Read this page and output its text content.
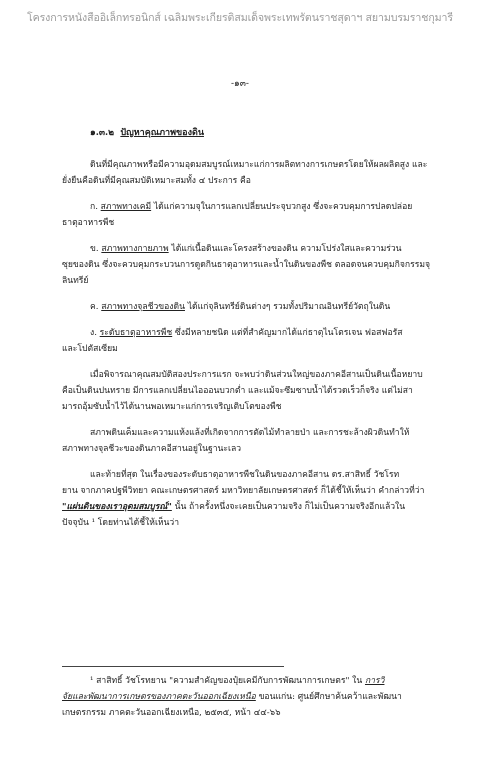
โครงการหนังสืออิเล็กทรอนิกส์ เฉลิมพระเกียรติสมเด็จพระเทพรัตนราชสุดาฯ สยามบรมราชกุมารี
-๑๓-
๑.๓.๒ ปัญหาคุณภาพของดิน
ดินที่มีคุณภาพหรือมีความอุดมสมบูรณ์เหมาะแก่การผลิตทางการเกษตรโดยให้ผลผลิตสูง และ
ยั่งยืนคือดินที่มีคุณสมบัติเหมาะสมทั้ง ๔ ประการ คือ
ก. สภาพทางเคมี ได้แก่ความจุในการแลกเปลี่ยนประจุบวกสูง ซึ่งจะควบคุมการปลดปล่อย
ธาตุอาหารพืช
ข. สภาพทางกายภาพ ได้แก่เนื้อดินและโครงสร้างของดิน ความโปร่งใสและความร่วน
ซุยของดิน ซึ่งจะควบคุมกระบวนการดูดกินธาตุอาหารและน้ำในดินของพืช ตลอดจนควบคุมกิจกรรมจุ
ลินทรีย์
ค. สภาพทางจุลชีวของดิน ได้แก่จุลินทรีย์ดินต่างๆ รวมทั้งปริมาณอินทรีย์วัตถุในดิน
ง. ระดับธาตุอาหารพืช ซึ่งมีหลายชนิด แต่ที่สำคัญมากได้แก่ธาตุไนโตรเจน ฟอสฟอรัส
และโปตัสเซียม
เมื่อพิจารณาคุณสมบัติสองประการแรก จะพบว่าดินส่วนใหญ่ของภาคอีสานเป็นดินเนื้อหยาบ
คือเป็นดินปนทราย มีการแลกเปลี่ยนไอออนบวกต่ำ และแม้จะซึมซาบน้ำได้รวดเร็วก็จริง แต่ไม่สา
มารถอุ้มซับน้ำไว้ได้นานพอเหมาะแก่การเจริญเติบโตของพืช
สภาพดินเค็มและความแห้งแล้งที่เกิดจากการตัดไม้ทำลายป่า และการชะล้างผิวดินทำให้
สภาพทางจุลชีวะของดินภาคอีสานอยู่ในฐานะเลว
และท้ายที่สุด ในเรื่องของระดับธาตุอาหารพืชในดินของภาคอีสาน ดร.สาสิทธิ์ วัชโรท
ยาน จากภาคปฐพีวิทยา คณะเกษตรศาสตร์ มหาวิทยาลัยเกษตรศาสตร์ ก็ได้ชี้ให้เห็นว่า คำกล่าวที่ว่า
"แผ่นดินของเราอุดมสมบูรณ์" นั้น ถ้าครั้งหนึ่งจะเคยเป็นความจริง ก็ไม่เป็นความจริงอีกแล้วใน
ปัจจุบัน ¹ โดยท่านได้ชี้ให้เห็นว่า
¹ สาสิทธิ์ วัชโรทยาน "ความสำคัญของปุ๋ยเคมีกับการพัฒนาการเกษตร" ใน การวิ
จัยและพัฒนาการเกษตรของภาคตะวันออกเฉียงเหนือ ขอนแก่น: ศูนย์ศึกษาค้นคว้าและพัฒนา
เกษตรกรรม ภาคตะวันออกเฉียงเหนือ, ๒๕๓๕, หน้า ๔๔-๖๖
